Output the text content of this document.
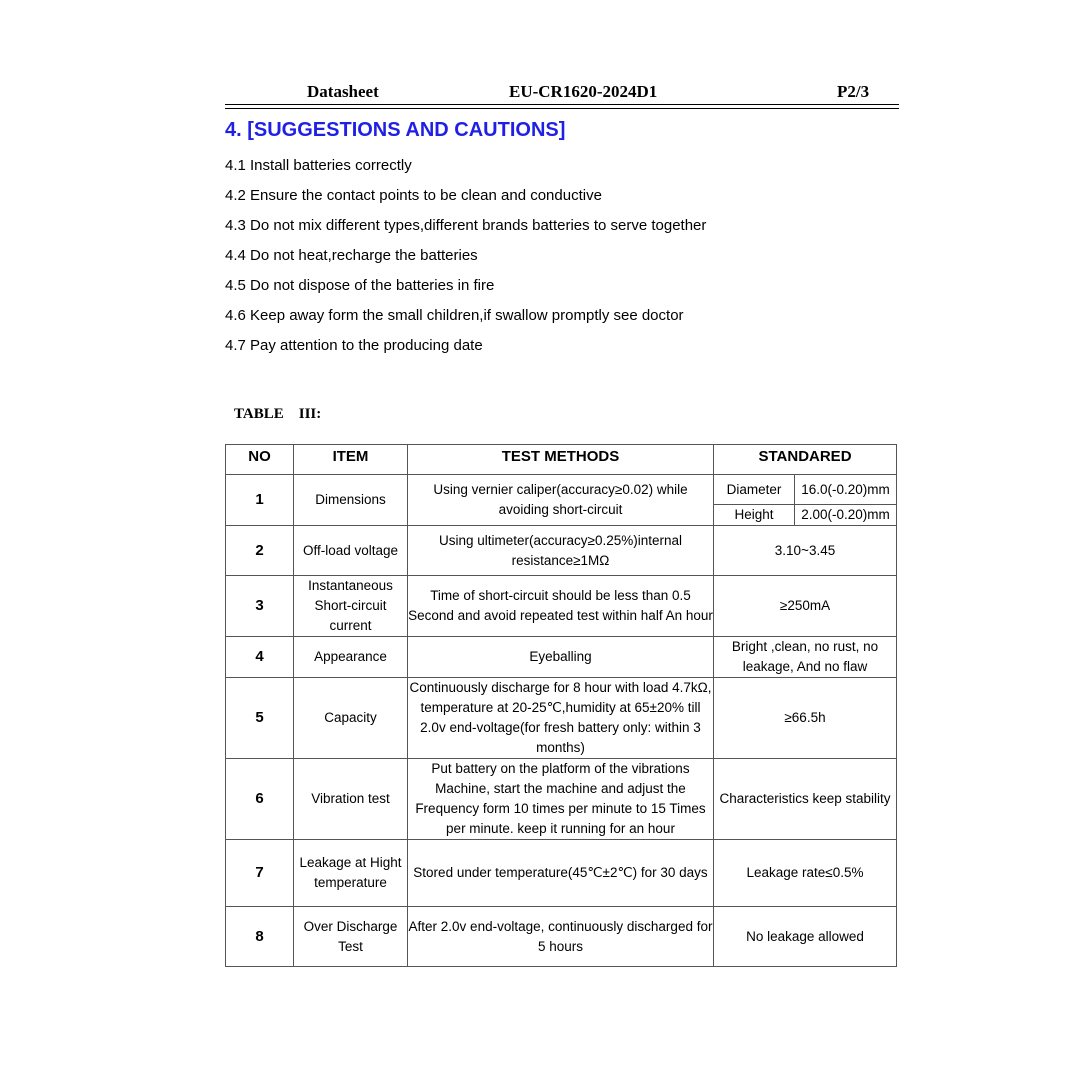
Datasheet	EU-CR1620-2024D1	P2/3
4. [SUGGESTIONS AND CAUTIONS]
4.1 Install batteries correctly
4.2 Ensure the contact points to be clean and conductive
4.3 Do not mix different types,different brands batteries to serve together
4.4 Do not heat,recharge the batteries
4.5 Do not dispose of the batteries in fire
4.6 Keep away form the small children,if swallow promptly see doctor
4.7 Pay attention to the producing date
TABLE    III:
NO	ITEM	TEST METHODS	STANDARED	
1	Dimensions	Using vernier caliper(accuracy≥0.02) while avoiding short-circuit	Diameter	16.0(-0.20)mm
			Height	2.00(-0.20)mm
2	Off-load voltage	Using ultimeter(accuracy≥0.25%)internal resistance≥1MΩ	3.10~3.45	
3	Instantaneous Short-circuit current	Time of short-circuit should be less than 0.5 Second and avoid repeated test within half An hour	≥250mA	
4	Appearance	Eyeballing	Bright ,clean, no rust, no leakage, And no flaw	
5	Capacity	Continuously discharge for 8 hour with load 4.7kΩ, temperature at 20-25℃,humidity at 65±20% till 2.0v end-voltage(for fresh battery only: within 3 months)	≥66.5h	
6	Vibration test	Put battery on the platform of the vibrations Machine, start the machine and adjust the Frequency form 10 times per minute to 15 Times per minute. keep it running for an hour	Characteristics keep stability	
7	Leakage at Hight temperature	Stored under temperature(45℃±2℃) for 30 days	Leakage rate≤0.5%	
8	Over Discharge Test	After 2.0v end-voltage, continuously discharged for 5 hours	No leakage allowed	
